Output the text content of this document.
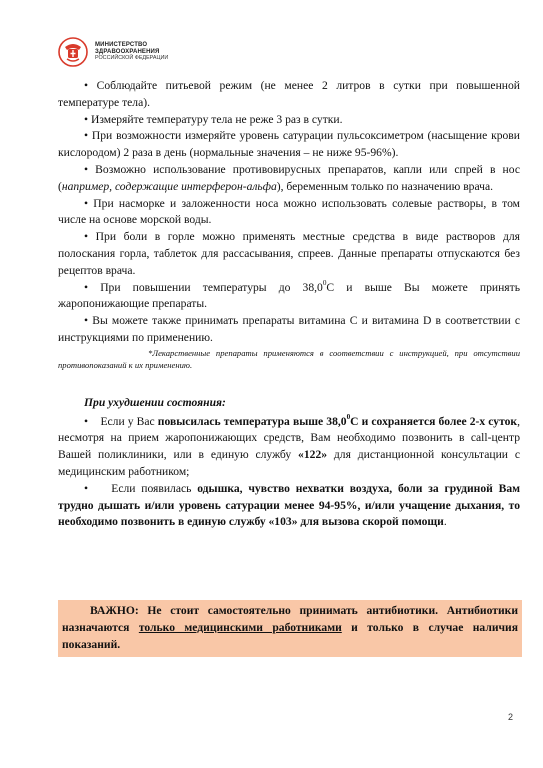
МИНИСТЕРСТВО
ЗДРАВООХРАНЕНИЯ
РОССИЙСКОЙ ФЕДЕРАЦИИ

• Соблюдайте питьевой режим (не менее 2 литров в сутки при повышенной температуре тела).

• Измеряйте температуру тела не реже 3 раз в сутки.

• При возможности измеряйте уровень сатурации пульсоксиметром (насыщение крови кислородом) 2 раза в день (нормальные значения – не ниже 95-96%).

• Возможно использование противовирусных препаратов, капли или спрей в нос (например, содержащие интерферон-альфа), беременным только по назначению врача.

• При насморке и заложенности носа можно использовать солевые растворы, в том числе на основе морской воды.

• При боли в горле можно применять местные средства в виде растворов для полоскания горла, таблеток для рассасывания, спреев. Данные препараты отпускаются без рецептов врача.

• При повышении температуры до 38,0$^0$С и выше Вы можете принять жаропонижающие препараты.

• Вы можете также принимать препараты витамина С и витамина D в соответствии с инструкциями по применению.

*Лекарственные препараты применяются в соответствии с инструкцией, при отсутствии противопоказаний к их применению.

При ухудшении состояния:

• Если у Вас повысилась температура выше 38,0$^0$С и сохраняется более 2-х суток, несмотря на прием жаропонижающих средств, Вам необходимо позвонить в call-центр Вашей поликлиники, или в единую службу «122» для дистанционной консультации с медицинским работником;

• Если появилась одышка, чувство нехватки воздуха, боли за грудиной Вам трудно дышать и/или уровень сатурации менее 94-95%, и/или учащение дыхания, то необходимо позвонить в единую службу «103» для вызова скорой помощи.

ВАЖНО: Не стоит самостоятельно принимать антибиотики. Антибиотики назначаются только медицинскими работниками и только в случае наличия показаний.
2
